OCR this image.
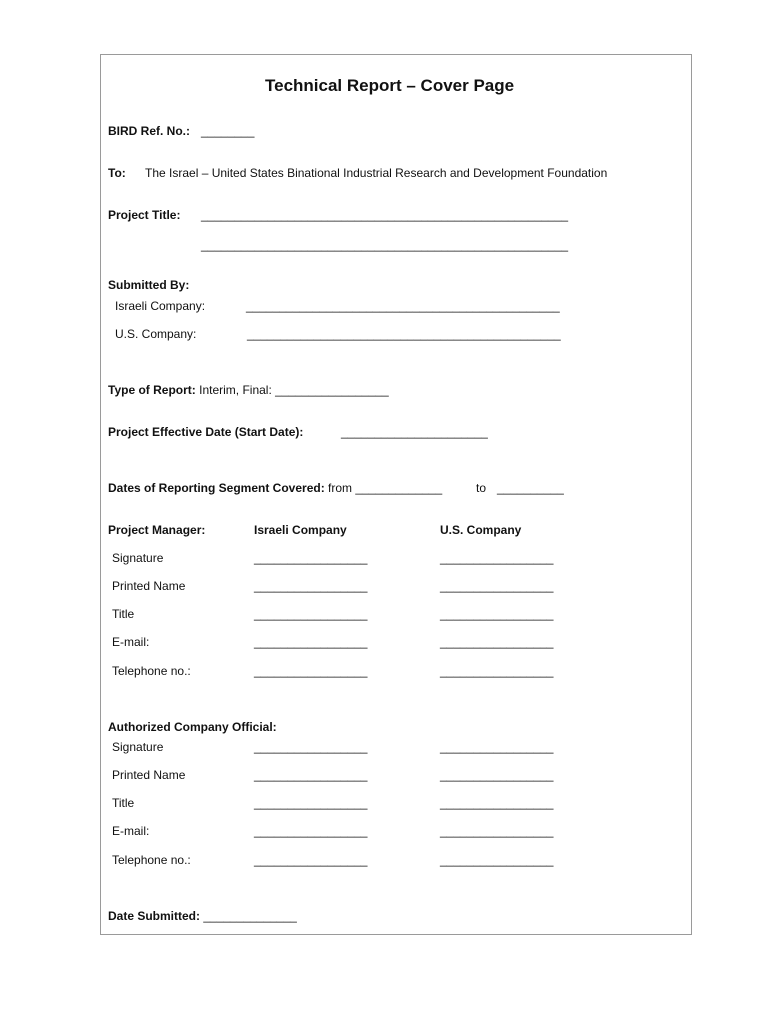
Technical Report – Cover Page
BIRD Ref. No.: ________
To: The Israel – United States Binational Industrial Research and Development Foundation
Project Title: _______________________________________________________
_______________________________________________________
Submitted By:
Israeli Company:	_______________________________________________
U.S. Company:	_______________________________________________
Type of Report: Interim, Final: _________________
Project Effective Date (Start Date):	______________________
Dates of Reporting Segment Covered: from _____________	to __________
Project Manager:	Israeli Company	U.S. Company
Signature	_________________	_________________
Printed Name	_________________	_________________
Title	_________________	_________________
E-mail:	_________________	_________________
Telephone no.:	_________________	_________________
Authorized Company Official:
Signature	_________________	_________________
Printed Name	_________________	_________________
Title	_________________	_________________
E-mail:	_________________	_________________
Telephone no.:	_________________	_________________
Date Submitted: ______________
